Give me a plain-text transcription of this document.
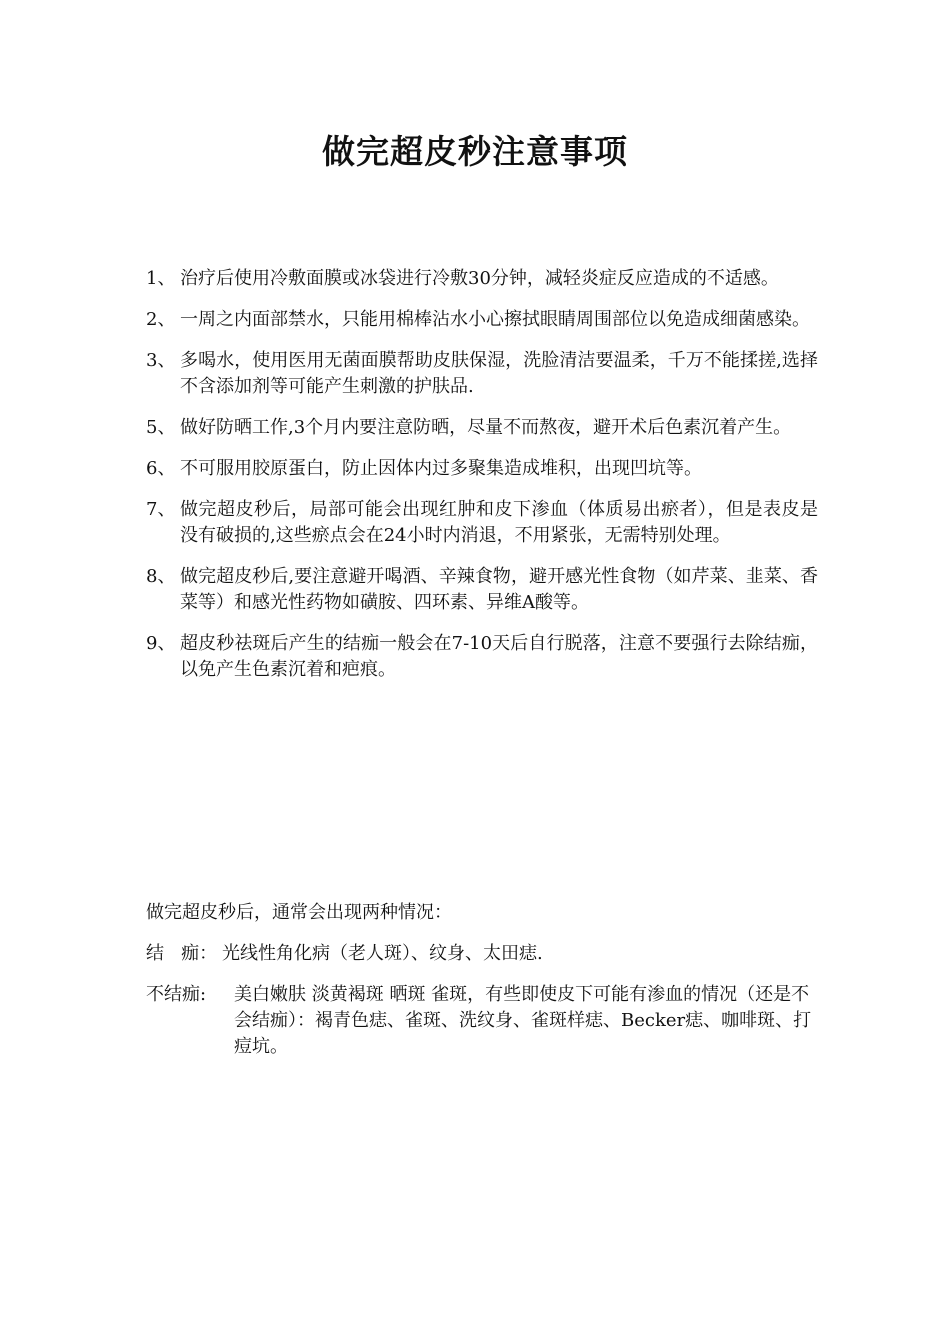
做完超皮秒注意事项
1、 治疗后使用冷敷面膜或冰袋进行冷敷30分钟，减轻炎症反应造成的不适感。
2、 一周之内面部禁水，只能用棉棒沾水小心擦拭眼睛周围部位以免造成细菌感染。
3、 多喝水，使用医用无菌面膜帮助皮肤保湿，洗脸清洁要温柔，千万不能揉搓,选择不含添加剂等可能产生刺激的护肤品.
5、 做好防晒工作,3个月内要注意防晒，尽量不而熬夜，避开术后色素沉着产生。
6、 不可服用胶原蛋白，防止因体内过多聚集造成堆积，出现凹坑等。
7、 做完超皮秒后，局部可能会出现红肿和皮下渗血（体质易出瘀者），但是表皮是没有破损的,这些瘀点会在24小时内消退，不用紧张，无需特别处理。
8、 做完超皮秒后,要注意避开喝酒、辛辣食物，避开感光性食物（如芹菜、韭菜、香菜等）和感光性药物如磺胺、四环素、异维A酸等。
9、 超皮秒祛斑后产生的结痂一般会在7-10天后自行脱落，注意不要强行去除结痂，以免产生色素沉着和疤痕。
做完超皮秒后，通常会出现两种情况：
结   痂： 光线性角化病（老人斑）、纹身、太田痣.
不结痂:	美白嫩肤 淡黄褐斑 晒斑 雀斑，有些即使皮下可能有渗血的情况（还是不会结痂）：褐青色痣、雀斑、洗纹身、雀斑样痣、Becker痣、咖啡斑、打痘坑。
